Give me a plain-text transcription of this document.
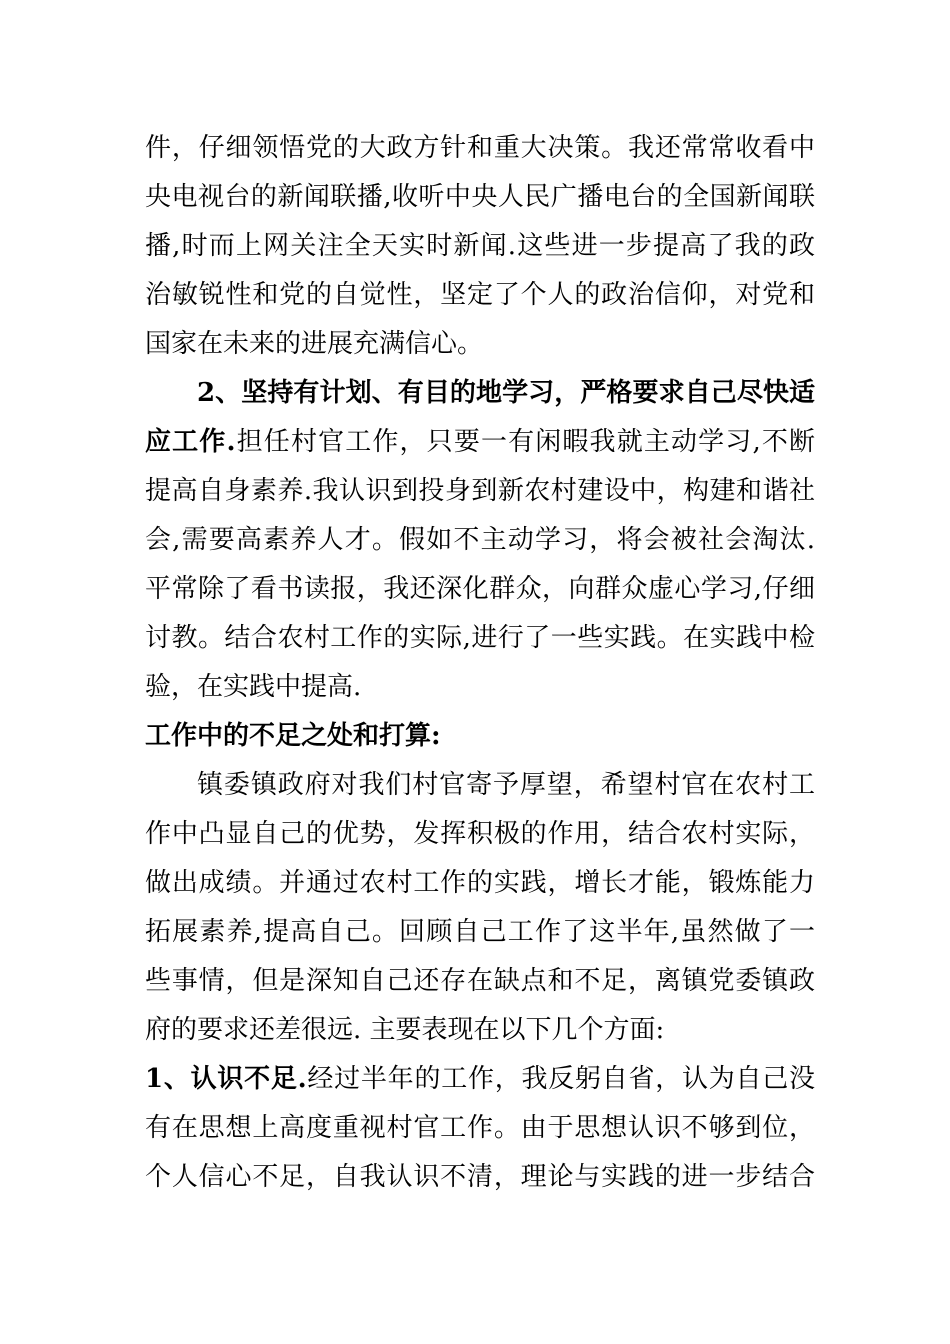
件，仔细领悟党的大政方针和重大决策。我还常常收看中
央电视台的新闻联播,收听中央人民广播电台的全国新闻联
播,时而上网关注全天实时新闻.这些进一步提高了我的政
治敏锐性和党的自觉性，坚定了个人的政治信仰，对党和
国家在未来的进展充满信心。
2、坚持有计划、有目的地学习，严格要求自己尽快适
应工作.担任村官工作，只要一有闲暇我就主动学习,不断
提高自身素养.我认识到投身到新农村建设中，构建和谐社
会,需要高素养人才。假如不主动学习，将会被社会淘汰.
平常除了看书读报，我还深化群众，向群众虚心学习,仔细
讨教。结合农村工作的实际,进行了一些实践。在实践中检
验，在实践中提高.
工作中的不足之处和打算:
镇委镇政府对我们村官寄予厚望，希望村官在农村工
作中凸显自己的优势，发挥积极的作用，结合农村实际，
做出成绩。并通过农村工作的实践，增长才能，锻炼能力
拓展素养,提高自己。回顾自己工作了这半年,虽然做了一
些事情，但是深知自己还存在缺点和不足，离镇党委镇政
府的要求还差很远. 主要表现在以下几个方面:
1、认识不足.经过半年的工作，我反躬自省，认为自己没
有在思想上高度重视村官工作。由于思想认识不够到位，
个人信心不足，自我认识不清，理论与实践的进一步结合
